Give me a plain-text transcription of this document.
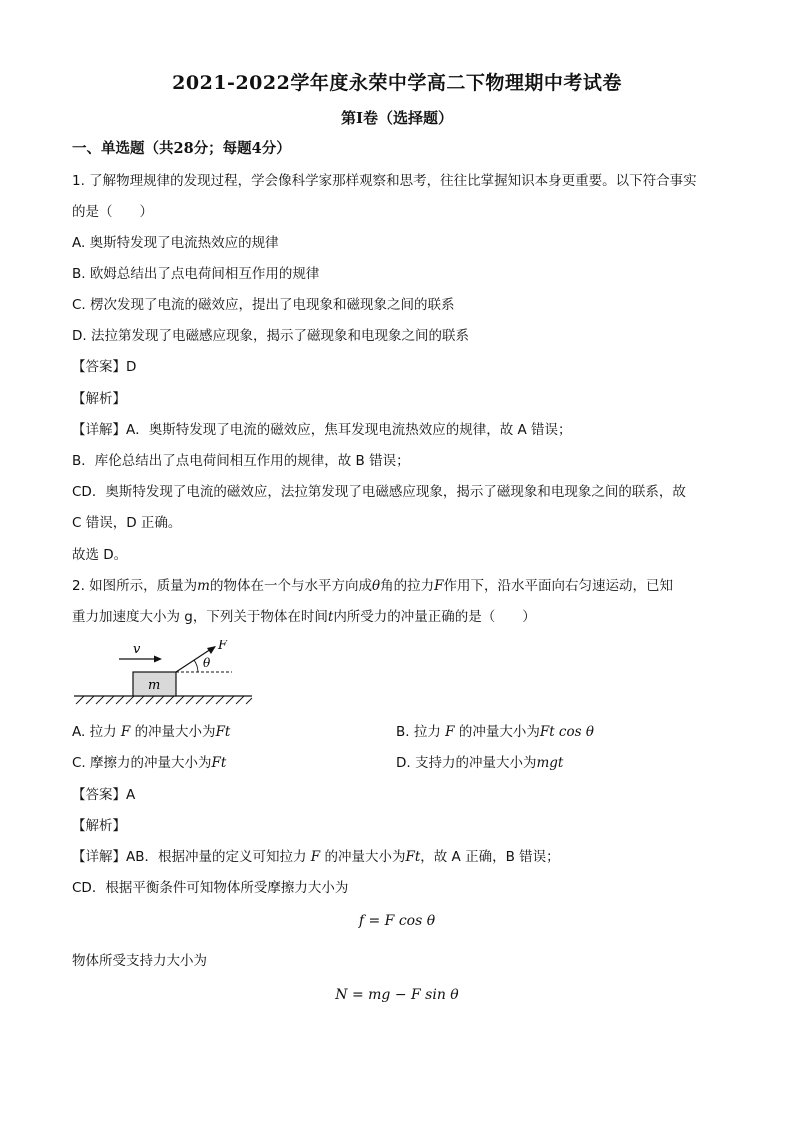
2021-2022学年度永荣中学高二下物理期中考试卷
第I卷（选择题）
一、单选题（共28分；每题4分）
1. 了解物理规律的发现过程，学会像科学家那样观察和思考，往往比掌握知识本身更重要。以下符合事实
的是（　　）
A. 奥斯特发现了电流热效应的规律
B. 欧姆总结出了点电荷间相互作用的规律
C. 楞次发现了电流的磁效应，提出了电现象和磁现象之间的联系
D. 法拉第发现了电磁感应现象，揭示了磁现象和电现象之间的联系
【答案】D
【解析】
【详解】A．奥斯特发现了电流的磁效应，焦耳发现电流热效应的规律，故 A 错误；
B．库伦总结出了点电荷间相互作用的规律，故 B 错误；
CD．奥斯特发现了电流的磁效应，法拉第发现了电磁感应现象，揭示了磁现象和电现象之间的联系，故
C 错误，D 正确。
故选 D。
2. 如图所示，质量为m的物体在一个与水平方向成θ角的拉力F作用下，沿水平面向右匀速运动，已知
重力加速度大小为 g，下列关于物体在时间t内所受力的冲量正确的是（　　）
m
v	F
θ
A. 拉力 F 的冲量大小为Ft	B. 拉力 F 的冲量大小为Ft cos θ
C. 摩擦力的冲量大小为Ft	D. 支持力的冲量大小为mgt
【答案】A
【解析】
【详解】AB．根据冲量的定义可知拉力 F 的冲量大小为Ft，故 A 正确，B 错误；
CD．根据平衡条件可知物体所受摩擦力大小为
f = F cos θ
物体所受支持力大小为
N = mg − F sin θ
